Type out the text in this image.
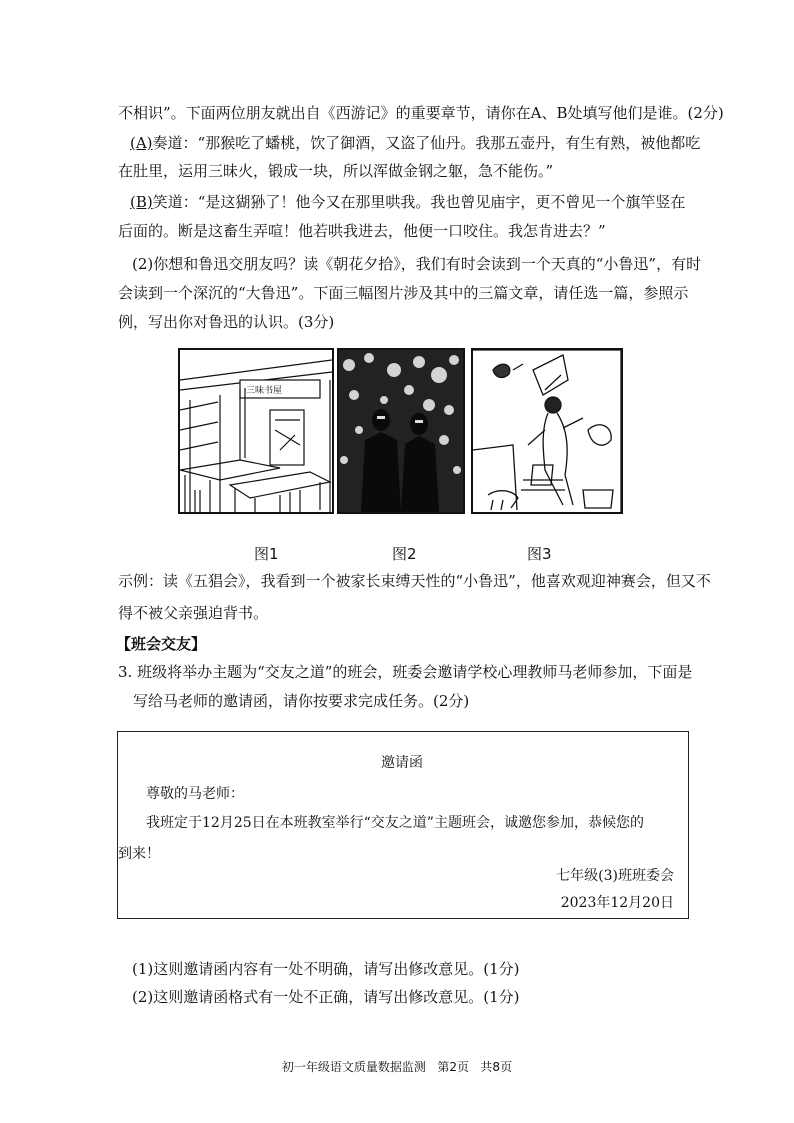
不相识”。下面两位朋友就出自《西游记》的重要章节，请你在A、B处填写他们是谁。(2分)
(A)奏道：“那猴吃了蟠桃，饮了御酒，又盗了仙丹。我那五壶丹，有生有熟，被他都吃
在肚里，运用三昧火，锻成一块，所以浑做金钢之躯，急不能伤。”
(B)笑道：“是这猢狲了！他今又在那里哄我。我也曾见庙宇，更不曾见一个旗竿竖在
后面的。断是这畜生弄喧！他若哄我进去，他便一口咬住。我怎肯进去？”
(2)你想和鲁迅交朋友吗？读《朝花夕拾》，我们有时会读到一个天真的“小鲁迅”，有时
会读到一个深沉的“大鲁迅”。下面三幅图片涉及其中的三篇文章，请任选一篇，参照示
例，写出你对鲁迅的认识。(3分)
三味书屋
图1	图2	图3
示例：读《五猖会》，我看到一个被家长束缚天性的“小鲁迅”，他喜欢观迎神赛会，但又不
得不被父亲强迫背书。
【班会交友】
3. 班级将举办主题为“交友之道”的班会，班委会邀请学校心理教师马老师参加，下面是
写给马老师的邀请函，请你按要求完成任务。(2分)
邀请函
尊敬的马老师：
我班定于12月25日在本班教室举行“交友之道”主题班会，诚邀您参加，恭候您的
到来！
七年级(3)班班委会
2023年12月20日
(1)这则邀请函内容有一处不明确，请写出修改意见。(1分)
(2)这则邀请函格式有一处不正确，请写出修改意见。(1分)
初一年级语文质量数据监测   第2页   共8页
